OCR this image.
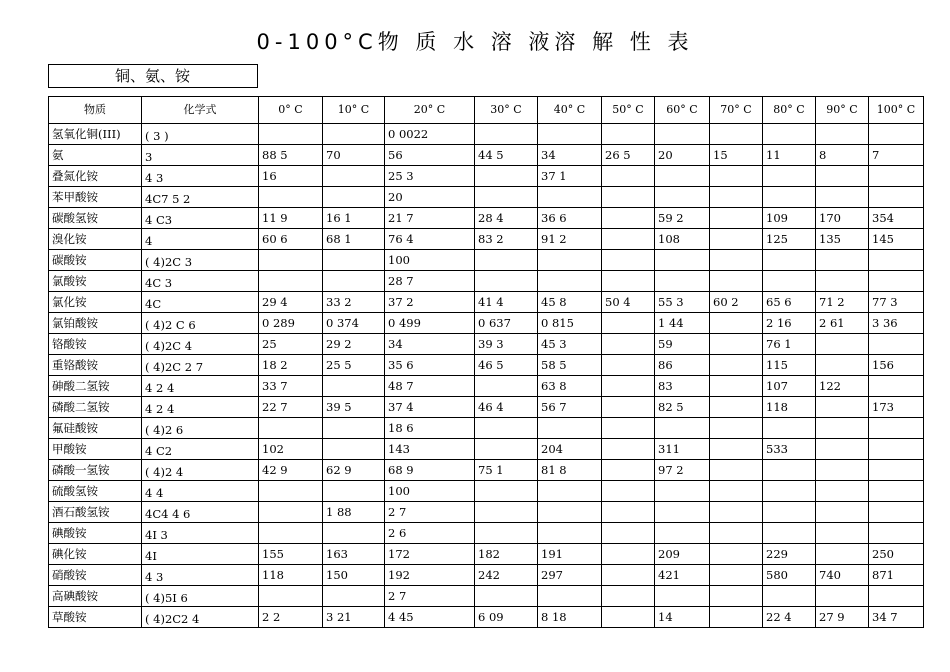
0-100°C物 质 水 溶 液溶 解 性 表
铜、氨、铵
物质	化学式	0° C	10° C	20° C	30° C	40° C	50° C	60° C	70° C	80° C	90° C	100° C
氢氧化铜(III)	( 3 )			0 0022								
氨	3	88 5	70	56	44 5	34	26 5	20	15	11	8	7
叠氮化铵	4 3	16		25 3		37 1						
苯甲酸铵	4C7 5 2			20								
碳酸氢铵	4 C3	11 9	16 1	21 7	28 4	36 6		59 2		109	170	354
溴化铵	4	60 6	68 1	76 4	83 2	91 2		108		125	135	145
碳酸铵	( 4)2C 3			100								
氯酸铵	4C 3			28 7								
氯化铵	4C	29 4	33 2	37 2	41 4	45 8	50 4	55 3	60 2	65 6	71 2	77 3
氯铂酸铵	( 4)2 C 6	0 289	0 374	0 499	0 637	0 815		1 44		2 16	2 61	3 36
铬酸铵	( 4)2C 4	25	29 2	34	39 3	45 3		59		76 1		
重铬酸铵	( 4)2C 2 7	18 2	25 5	35 6	46 5	58 5		86		115		156
砷酸二氢铵	4 2 4	33 7		48 7		63 8		83		107	122	
磷酸二氢铵	4 2 4	22 7	39 5	37 4	46 4	56 7		82 5		118		173
氟硅酸铵	( 4)2 6			18 6								
甲酸铵	4 C2	102		143		204		311		533		
磷酸一氢铵	( 4)2 4	42 9	62 9	68 9	75 1	81 8		97 2				
硫酸氢铵	4 4			100								
酒石酸氢铵	4C4 4 6		1 88	2 7								
碘酸铵	4I 3			2 6								
碘化铵	4I	155	163	172	182	191		209		229		250
硝酸铵	4 3	118	150	192	242	297		421		580	740	871
高碘酸铵	( 4)5I 6			2 7								
草酸铵	( 4)2C2 4	2 2	3 21	4 45	6 09	8 18		14		22 4	27 9	34 7
